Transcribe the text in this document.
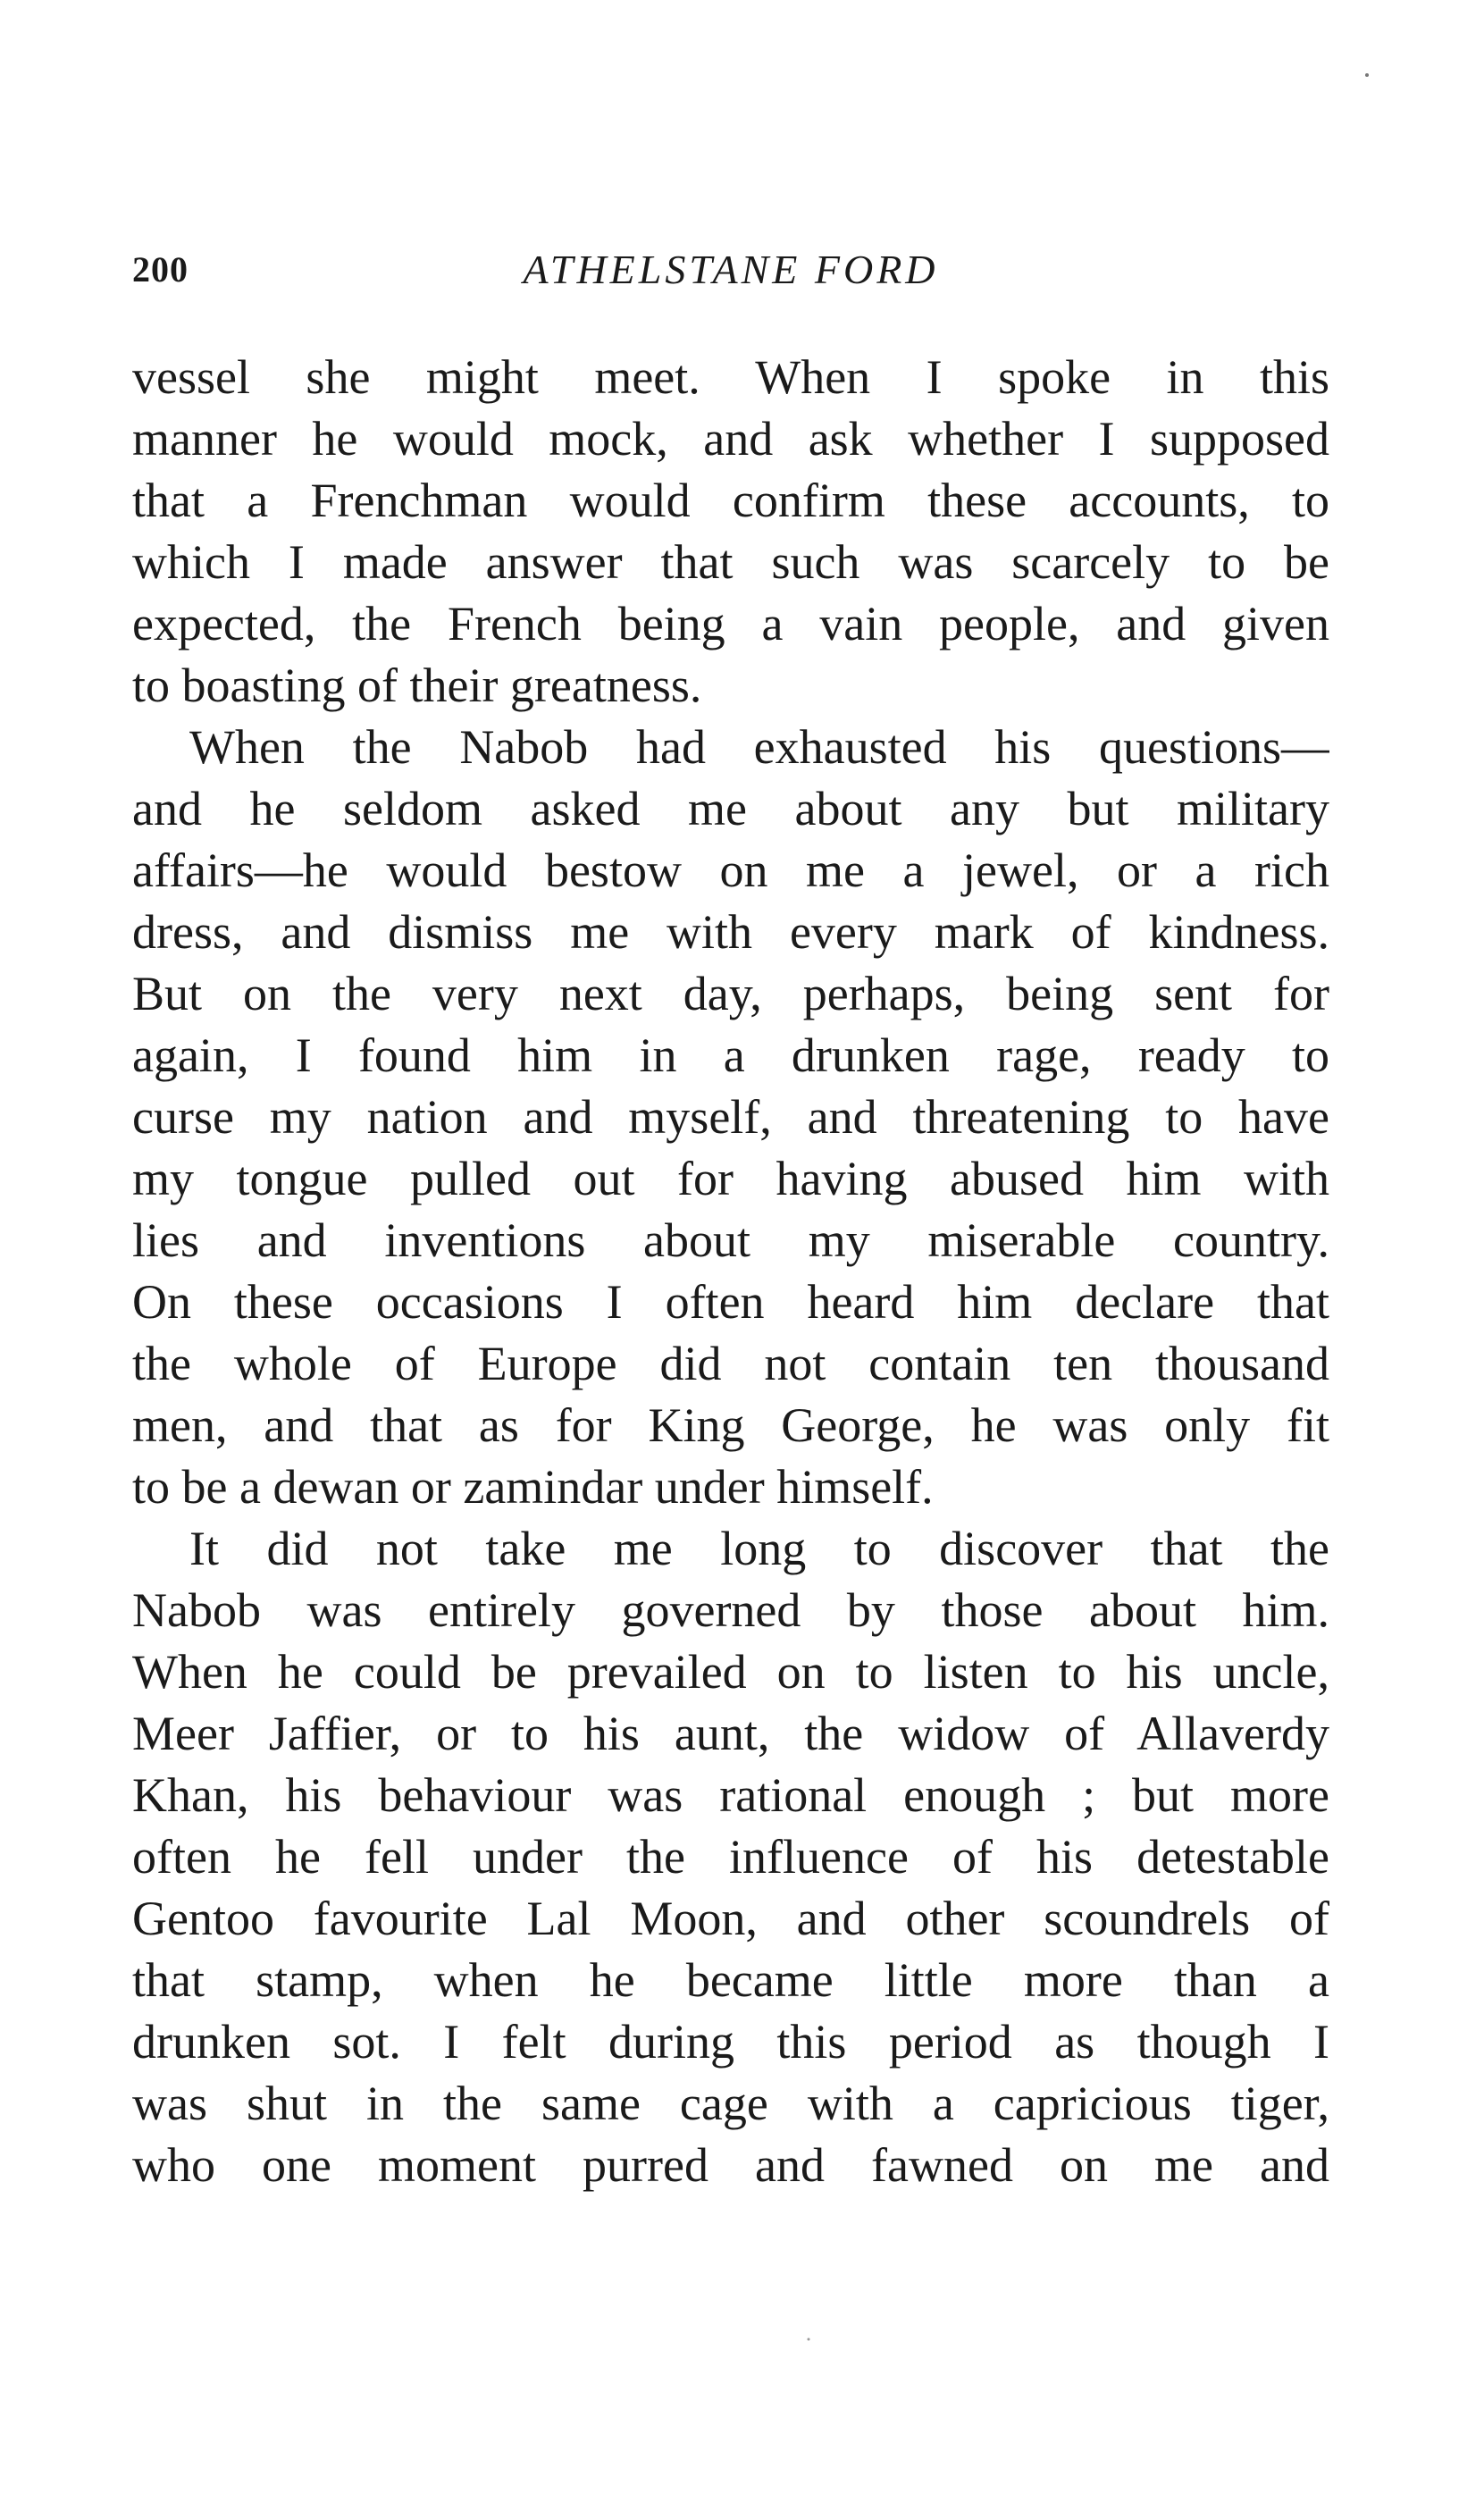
200	ATHELSTANE FORD
vessel she might meet. When I spoke in this
manner he would mock, and ask whether I supposed
that a Frenchman would confirm these accounts, to
which I made answer that such was scarcely to be
expected, the French being a vain people, and given
to boasting of their greatness.
When the Nabob had exhausted his questions—
and he seldom asked me about any but military
affairs—he would bestow on me a jewel, or a rich
dress, and dismiss me with every mark of kindness.
But on the very next day, perhaps, being sent for
again, I found him in a drunken rage, ready to
curse my nation and myself, and threatening to have
my tongue pulled out for having abused him with
lies and inventions about my miserable country.
On these occasions I often heard him declare that
the whole of Europe did not contain ten thousand
men, and that as for King George, he was only fit
to be a dewan or zamindar under himself.
It did not take me long to discover that the
Nabob was entirely governed by those about him.
When he could be prevailed on to listen to his uncle,
Meer Jaffier, or to his aunt, the widow of Allaverdy
Khan, his behaviour was rational enough ; but more
often he fell under the influence of his detestable
Gentoo favourite Lal Moon, and other scoundrels of
that stamp, when he became little more than a
drunken sot. I felt during this period as though I
was shut in the same cage with a capricious tiger,
who one moment purred and fawned on me and
